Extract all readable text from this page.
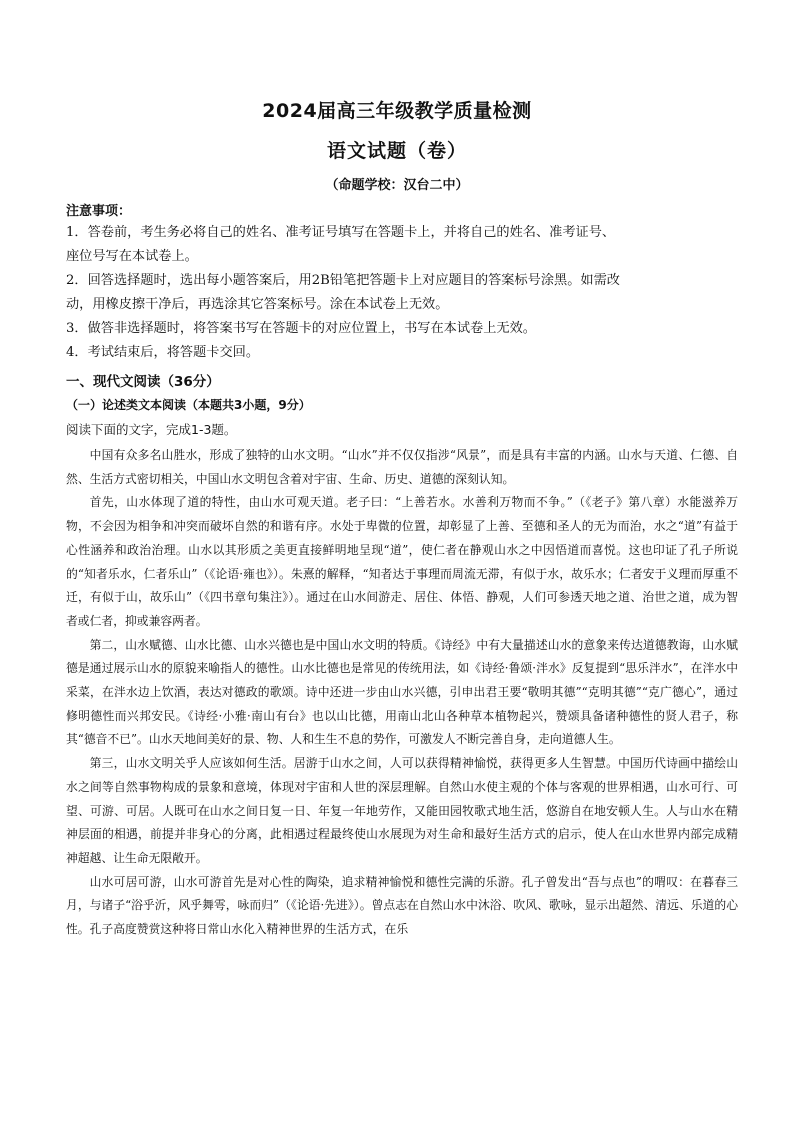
2024届高三年级教学质量检测
语文试题（卷）
（命题学校：汉台二中）
注意事项：
1．答卷前，考生务必将自己的姓名、准考证号填写在答题卡上，并将自己的姓名、准考证号、
座位号写在本试卷上。
2．回答选择题时，选出每小题答案后，用2B铅笔把答题卡上对应题目的答案标号涂黑。如需改
动，用橡皮擦干净后，再选涂其它答案标号。涂在本试卷上无效。
3．做答非选择题时，将答案书写在答题卡的对应位置上，书写在本试卷上无效。
4．考试结束后，将答题卡交回。
一、现代文阅读（36分）
（一）论述类文本阅读（本题共3小题，9分）
阅读下面的文字，完成1-3题。

中国有众多名山胜水，形成了独特的山水文明。“山水”并不仅仅指涉“风景”，而是具有丰富的内涵。山水与天道、仁德、自然、生活方式密切相关，中国山水文明包含着对宇宙、生命、历史、道德的深刻认知。

首先，山水体现了道的特性，由山水可观天道。老子曰：“上善若水。水善利万物而不争。”（《老子》第八章）水能滋养万物，不会因为相争和冲突而破坏自然的和谐有序。水处于卑微的位置，却彰显了上善、至德和圣人的无为而治，水之“道”有益于心性涵养和政治治理。山水以其形质之美更直接鲜明地呈现“道”，使仁者在静观山水之中因悟道而喜悦。这也印证了孔子所说的“知者乐水，仁者乐山”（《论语·雍也》）。朱熹的解释，“知者达于事理而周流无滞，有似于水，故乐水；仁者安于义理而厚重不迁，有似于山，故乐山”（《四书章句集注》）。通过在山水间游走、居住、体悟、静观，人们可参透天地之道、治世之道，成为智者或仁者，抑或兼容两者。

第二，山水赋德、山水比德、山水兴德也是中国山水文明的特质。《诗经》中有大量描述山水的意象来传达道德教诲，山水赋德是通过展示山水的原貌来喻指人的德性。山水比德也是常见的传统用法，如《诗经·鲁颂·泮水》反复提到“思乐泮水”，在泮水中采菜，在泮水边上饮酒，表达对德政的歌颂。诗中还进一步由山水兴德，引申出君王要“敬明其德”“克明其德”“克广德心”，通过修明德性而兴邦安民。《诗经·小雅·南山有台》也以山比德，用南山北山各种草本植物起兴，赞颂具备诸种德性的贤人君子，称其“德音不已”。山水天地间美好的景、物、人和生生不息的势作，可激发人不断完善自身，走向道德人生。

第三，山水文明关乎人应该如何生活。居游于山水之间，人可以获得精神愉悦，获得更多人生智慧。中国历代诗画中描绘山水之间等自然事物构成的景象和意境，体现对宇宙和人世的深层理解。自然山水使主观的个体与客观的世界相遇，山水可行、可望、可游、可居。人既可在山水之间日复一日、年复一年地劳作，又能田园牧歌式地生活，悠游自在地安顿人生。人与山水在精神层面的相遇，前提并非身心的分离，此相遇过程最终使山水展现为对生命和最好生活方式的启示，使人在山水世界内部完成精神超越、让生命无限敞开。

山水可居可游，山水可游首先是对心性的陶染，追求精神愉悦和德性完满的乐游。孔子曾发出“吾与点也”的喟叹：在暮春三月，与诸子“浴乎沂，风乎舞雩，咏而归”（《论语·先进》）。曾点志在自然山水中沐浴、吹风、歌咏，显示出超然、清远、乐道的心性。孔子高度赞赏这种将日常山水化入精神世界的生活方式，在乐
